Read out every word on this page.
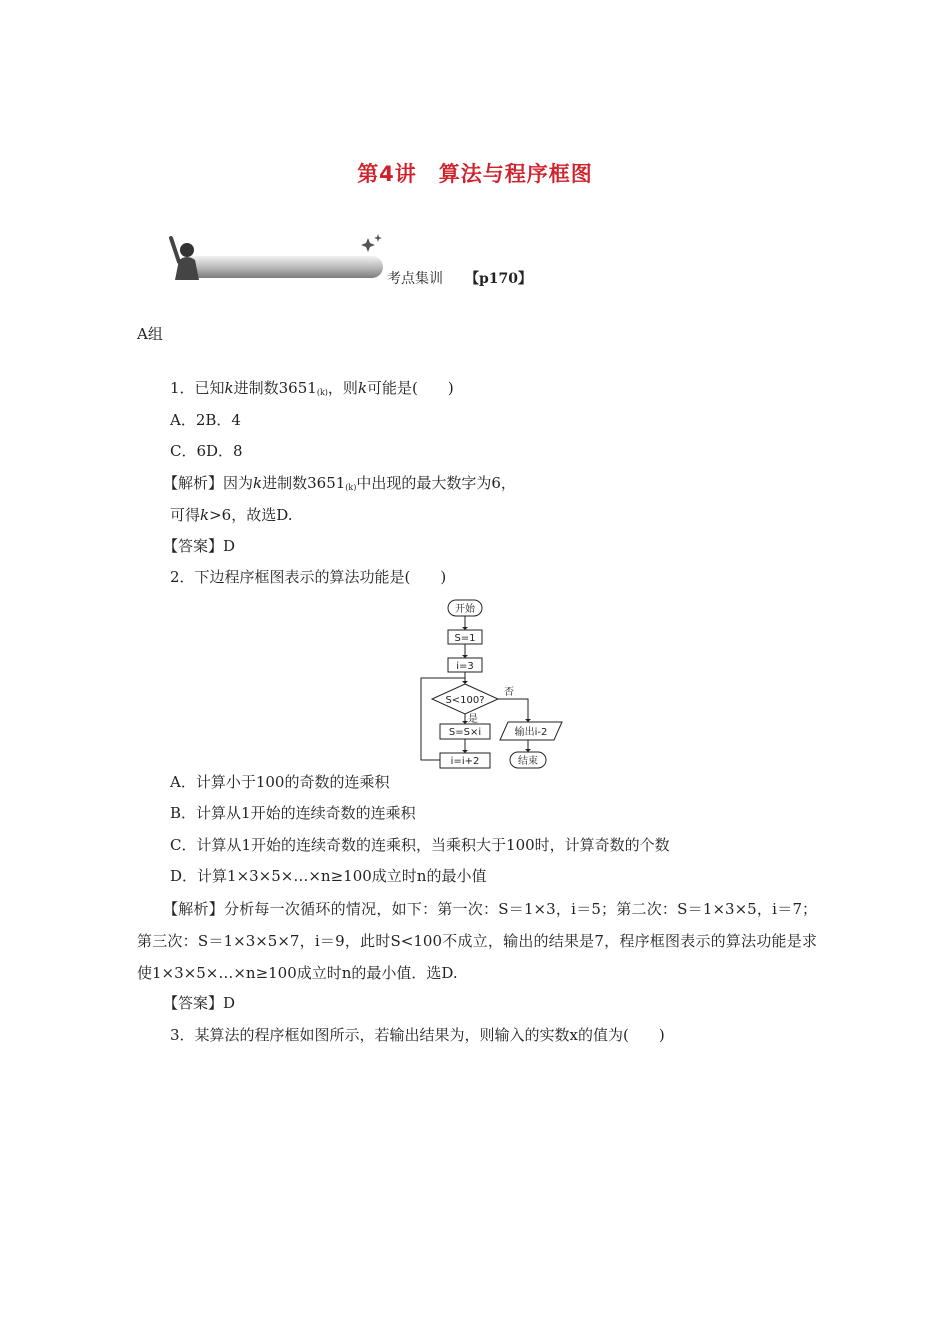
第4讲　算法与程序框图
考点集训 【p170】
A组
1．已知k进制数$3651_{(k)}$，则k可能是(　　)
A．2B．4
C．6D．8
【解析】因为k进制数$3651_{(k)}$中出现的最大数字为6，
可得k>6，故选D.
【答案】D
2．下边程序框图表示的算法功能是(　　)
开始
S=1
i=3
S<100?
否
是
S=S×i
i=i+2
输出i-2
结束
A．计算小于100的奇数的连乘积
B．计算从1开始的连续奇数的连乘积
C．计算从1开始的连续奇数的连乘积，当乘积大于100时，计算奇数的个数
D．计算1×3×5×…×n≥100成立时n的最小值
【解析】分析每一次循环的情况，如下：第一次：S＝1×3，i＝5；第二次：S＝1×3×5，i＝7；第三次：S＝1×3×5×7，i＝9，此时S<100不成立，输出的结果是7，程序框图表示的算法功能是求使1×3×5×…×n≥100成立时n的最小值．选D.
【答案】D
3．某算法的程序框如图所示，若输出结果为，则输入的实数x的值为(　　)
